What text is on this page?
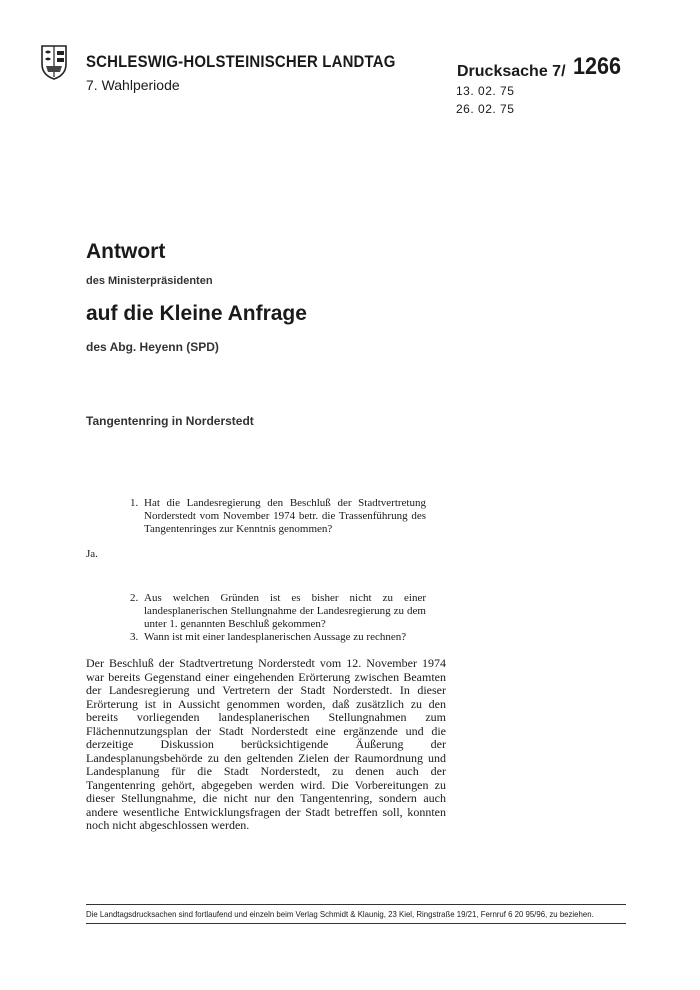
SCHLESWIG-HOLSTEINISCHER LANDTAG
7. Wahlperiode
Drucksache 7/ 1266
13. 02. 75
26. 02. 75
Antwort
des Ministerpräsidenten
auf die Kleine Anfrage
des Abg. Heyenn (SPD)
Tangentenring in Norderstedt
1. Hat die Landesregierung den Beschluß der Stadtvertretung Norderstedt vom November 1974 betr. die Trassenführung des Tangentenringes zur Kenntnis genommen?
Ja.
2. Aus welchen Gründen ist es bisher nicht zu einer landesplanerischen Stellungnahme der Landesregierung zu dem unter 1. genannten Beschluß gekommen?
3. Wann ist mit einer landesplanerischen Aussage zu rechnen?
Der Beschluß der Stadtvertretung Norderstedt vom 12. November 1974 war bereits Gegenstand einer eingehenden Erörterung zwischen Beamten der Landesregierung und Vertretern der Stadt Norderstedt. In dieser Erörterung ist in Aussicht genommen worden, daß zusätzlich zu den bereits vorliegenden landesplanerischen Stellungnahmen zum Flächennutzungsplan der Stadt Norderstedt eine ergänzende und die derzeitige Diskussion berücksichtigende Äußerung der Landesplanungsbehörde zu den geltenden Zielen der Raumordnung und Landesplanung für die Stadt Norderstedt, zu denen auch der Tangentenring gehört, abgegeben werden wird. Die Vorbereitungen zu dieser Stellungnahme, die nicht nur den Tangentenring, sondern auch andere wesentliche Entwicklungsfragen der Stadt betreffen soll, konnten noch nicht abgeschlossen werden.
Die Landtagsdrucksachen sind fortlaufend und einzeln beim Verlag Schmidt & Klaunig, 23 Kiel, Ringstraße 19/21, Fernruf 6 20 95/96, zu beziehen.
